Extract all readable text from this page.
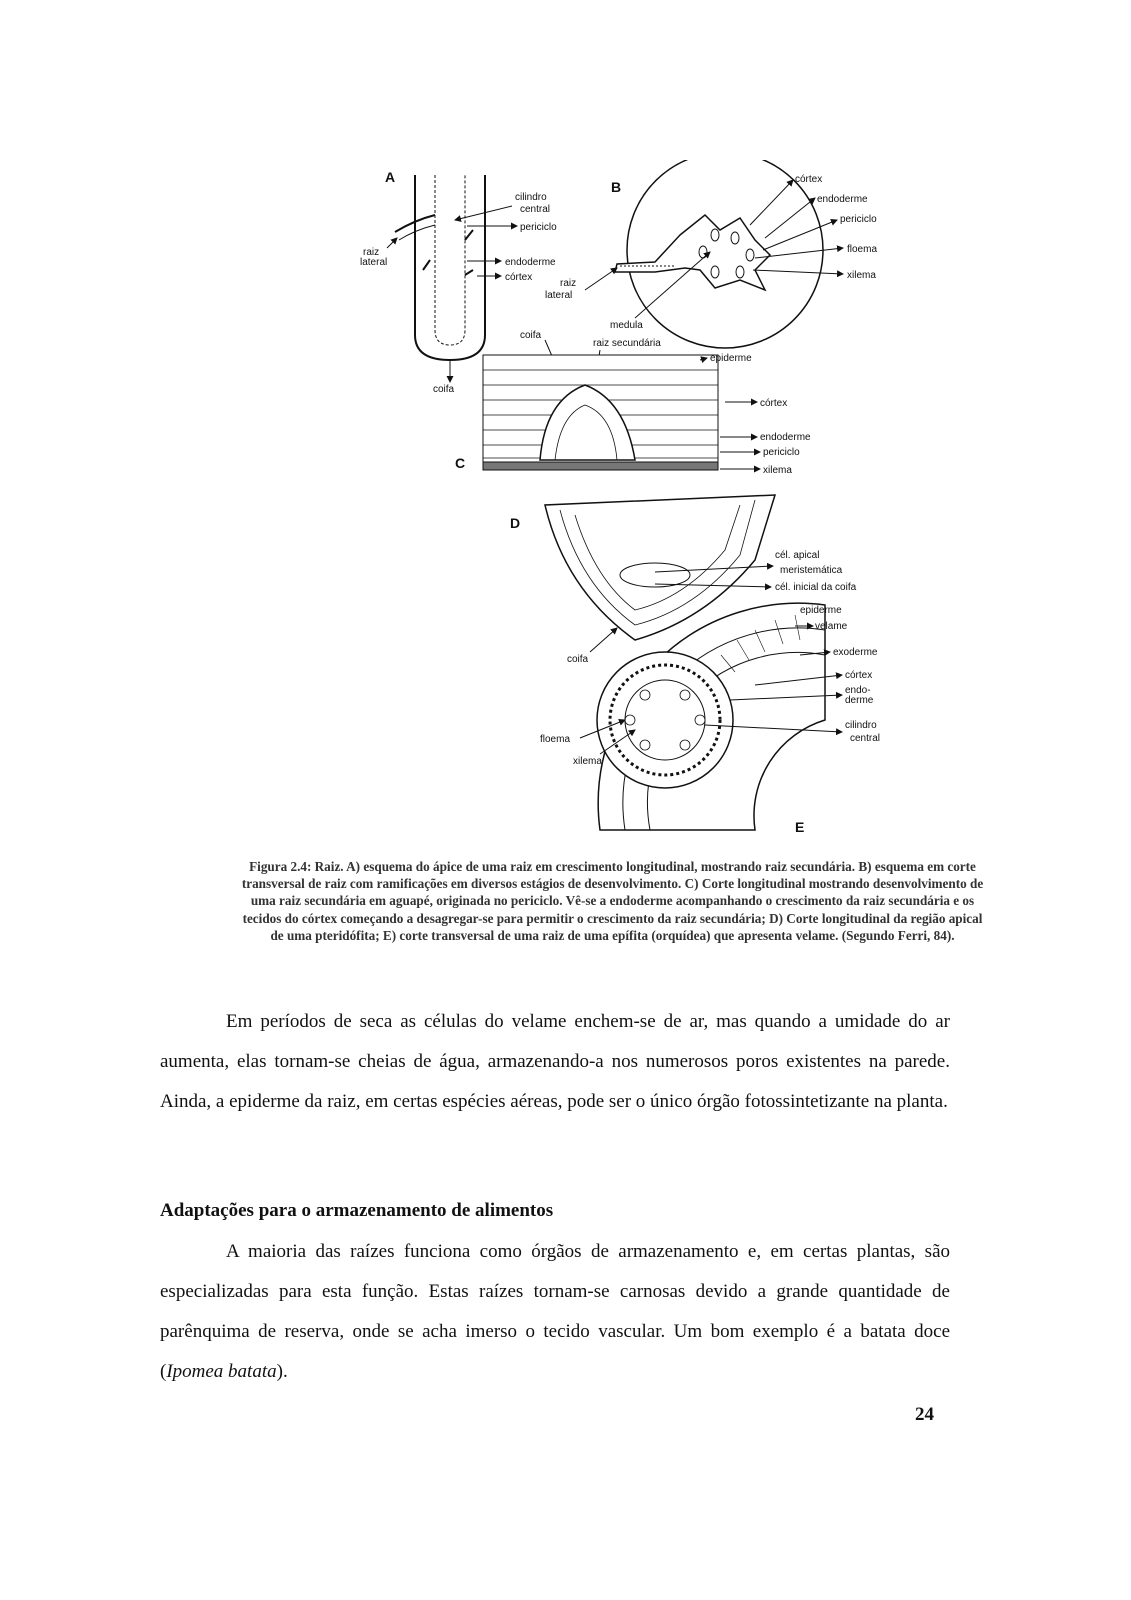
A
cilindro
central
periciclo
raiz
lateral	endoderme
córtex
coifa
B	córtex
endoderme
periciclo
floema
xilema
raiz
lateral
medula
coifa
raiz secundária
C
epiderme
córtex
endoderme
periciclo
xilema
D
cél. apical
meristemática
cél. inicial da coifa
coifa
epiderme
velame
exoderme
córtex
endo-
derme
cilindro
central
floema
xilema
E
Figura 2.4: Raiz. A) esquema do ápice de uma raiz em crescimento longitudinal, mostrando raiz secundária. B) esquema em corte transversal de raiz com ramificações em diversos estágios de desenvolvimento. C) Corte longitudinal mostrando desenvolvimento de uma raiz secundária em aguapé, originada no periciclo. Vê-se a endoderme acompanhando o crescimento da raiz secundária e os tecidos do córtex começando a desagregar-se para permitir o crescimento da raiz secundária; D) Corte longitudinal da região apical de uma pteridófita; E) corte transversal de uma raiz de uma epífita (orquídea) que apresenta velame. (Segundo Ferri, 84).

Em períodos de seca as células do velame enchem-se de ar, mas quando a umidade do ar aumenta, elas tornam-se cheias de água, armazenando-a nos numerosos poros existentes na parede. Ainda, a epiderme da raiz, em certas espécies aéreas, pode ser o único órgão fotossintetizante na planta.

Adaptações para o armazenamento de alimentos

A maioria das raízes funciona como órgãos de armazenamento e, em certas plantas, são especializadas para esta função. Estas raízes tornam-se carnosas devido a grande quantidade de parênquima de reserva, onde se acha imerso o tecido vascular. Um bom exemplo é a batata doce (Ipomea batata).

24
